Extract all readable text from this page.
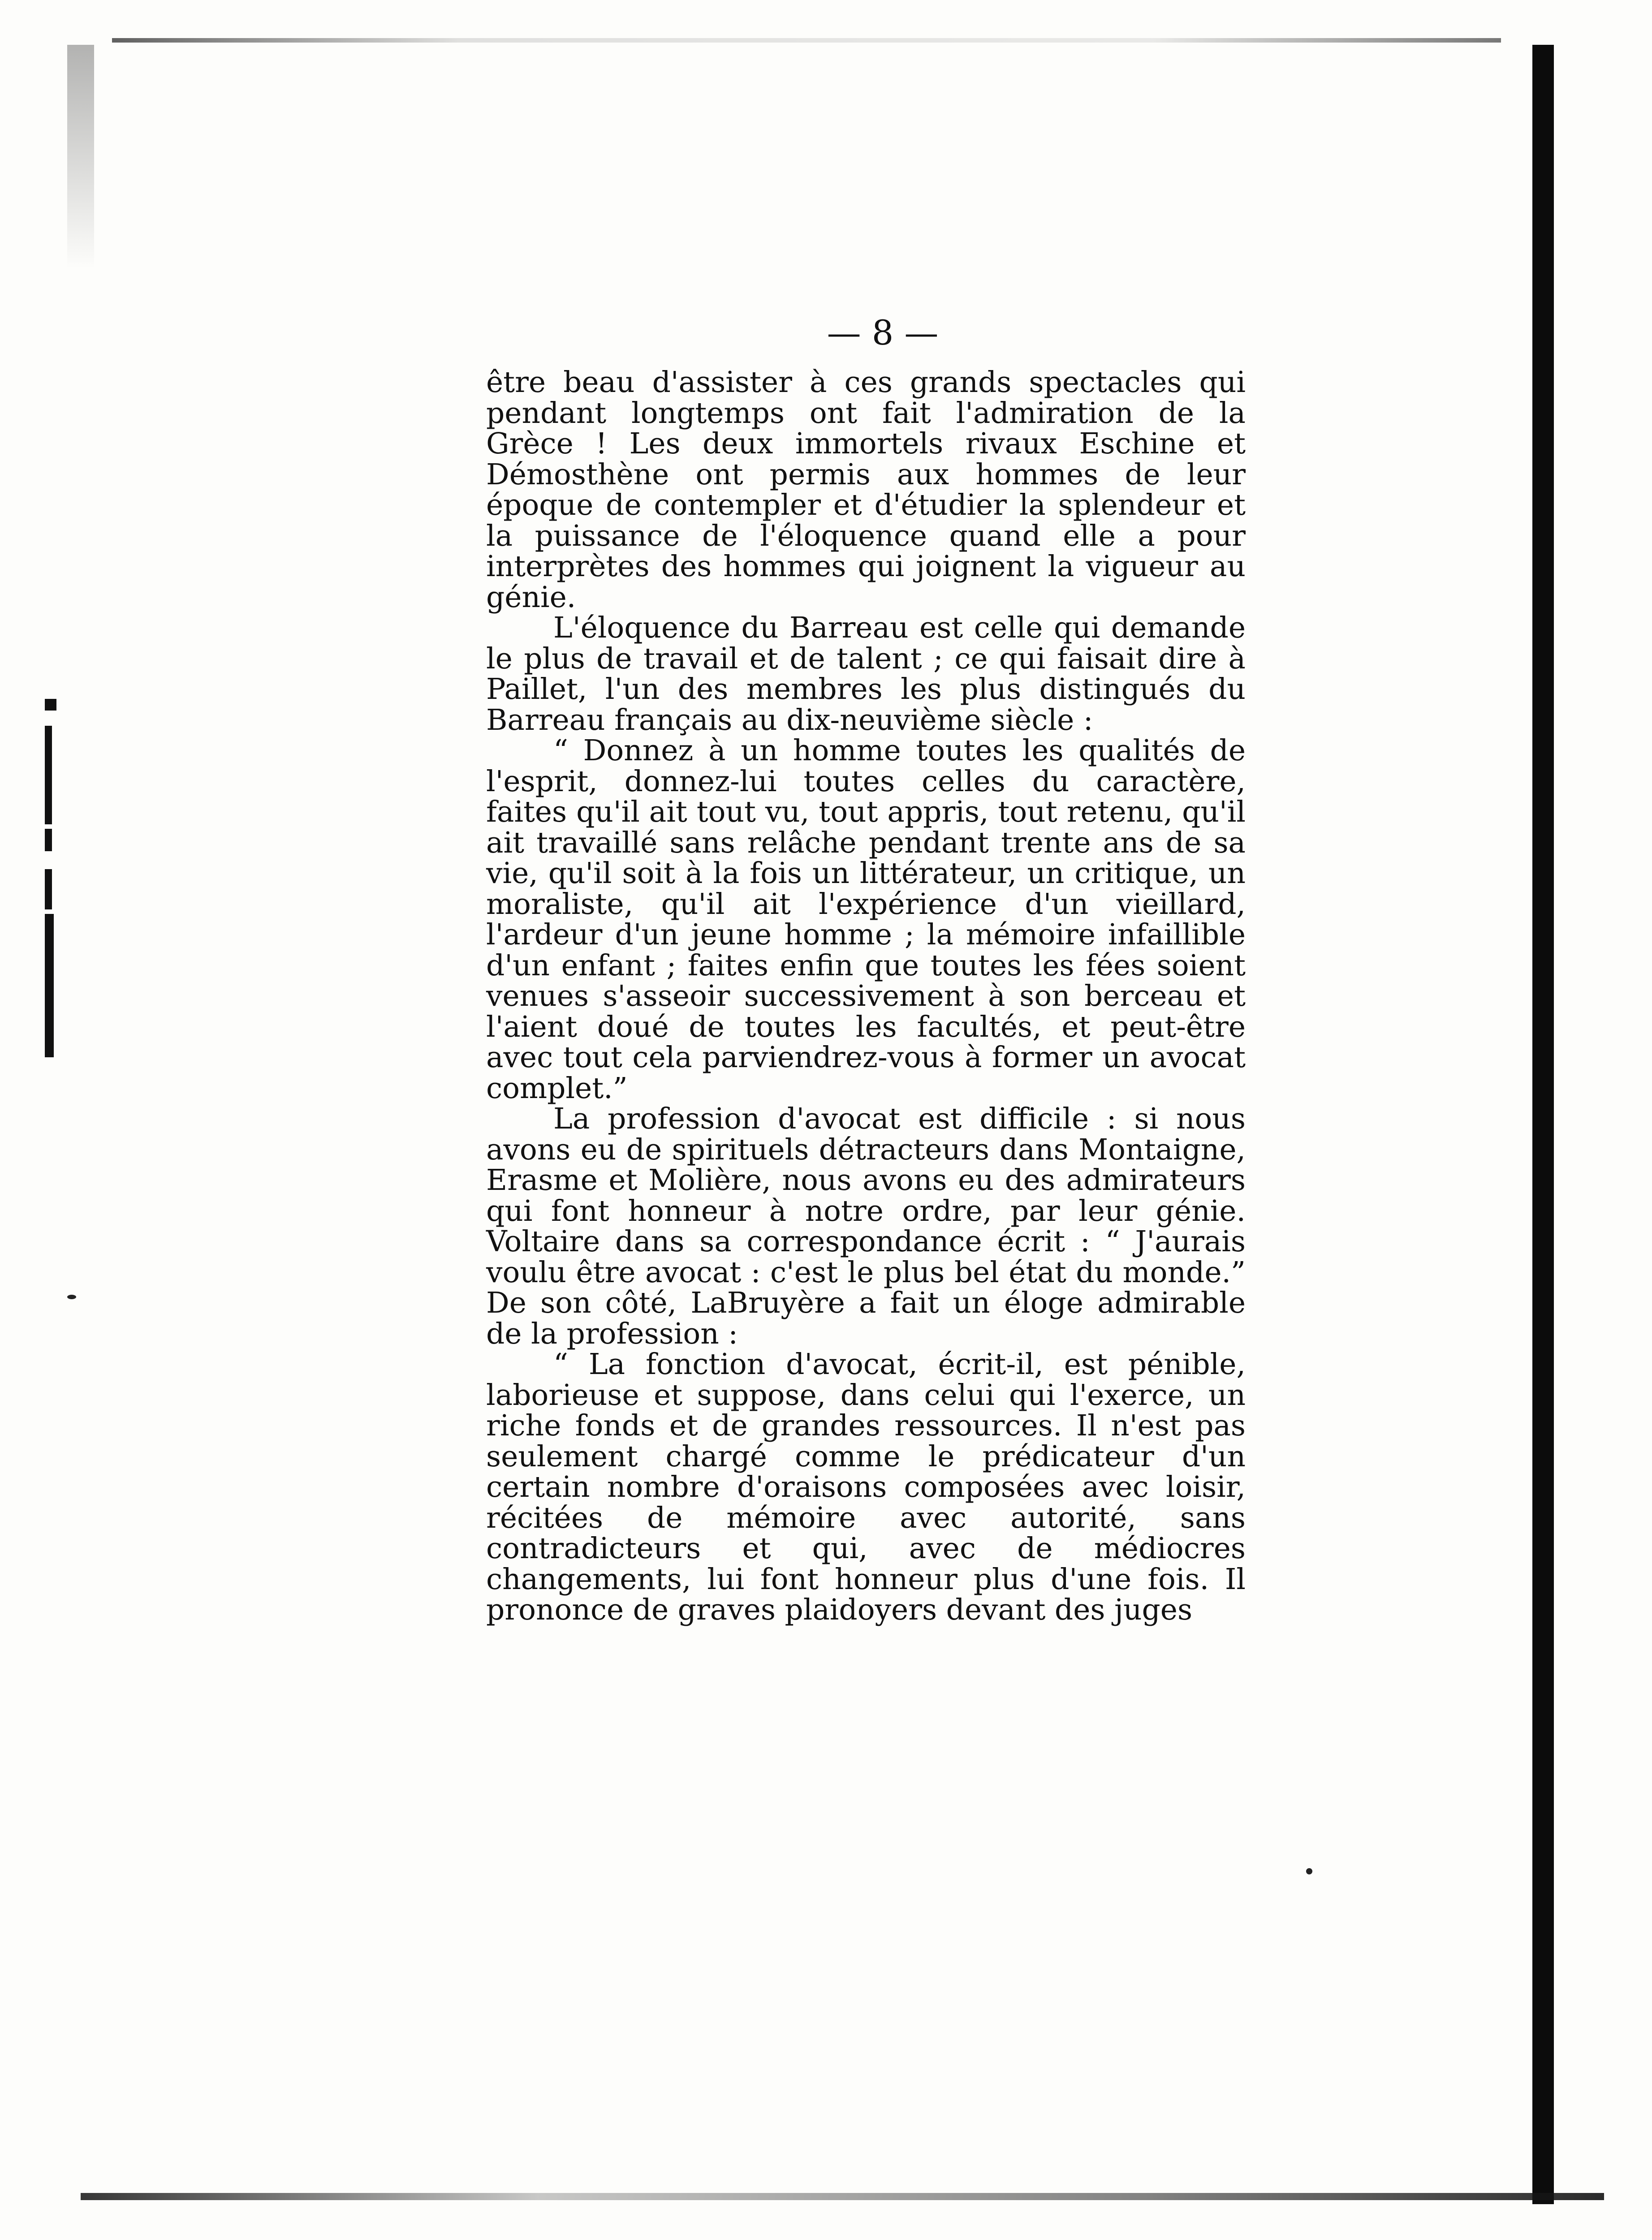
— 8 —

être beau d'assister à ces grands spectacles qui pendant longtemps ont fait l'admiration de la Grèce ! Les deux immortels rivaux Eschine et Démosthène ont permis aux hommes de leur époque de contempler et d'étudier la splendeur et la puissance de l'éloquence quand elle a pour interprètes des hommes qui joignent la vigueur au génie.

L'éloquence du Barreau est celle qui demande le plus de travail et de talent ; ce qui faisait dire à Paillet, l'un des membres les plus distingués du Barreau français au dix-neuvième siècle :

“ Donnez à un homme toutes les qualités de l'esprit, donnez-lui toutes celles du caractère, faites qu'il ait tout vu, tout appris, tout retenu, qu'il ait travaillé sans relâche pendant trente ans de sa vie, qu'il soit à la fois un littérateur, un critique, un moraliste, qu'il ait l'expérience d'un vieillard, l'ardeur d'un jeune homme ; la mémoire infaillible d'un enfant ; faites enfin que toutes les fées soient venues s'asseoir successivement à son berceau et l'aient doué de toutes les facultés, et peut-être avec tout cela parviendrez-vous à former un avocat complet.”

La profession d'avocat est difficile : si nous avons eu de spirituels détracteurs dans Montaigne, Erasme et Molière, nous avons eu des admirateurs qui font honneur à notre ordre, par leur génie. Voltaire dans sa correspondance écrit : “ J'aurais voulu être avocat : c'est le plus bel état du monde.” De son côté, LaBruyère a fait un éloge admirable de la profession :

“ La fonction d'avocat, écrit-il, est pénible, laborieuse et suppose, dans celui qui l'exerce, un riche fonds et de grandes ressources. Il n'est pas seulement chargé comme le prédicateur d'un certain nombre d'oraisons composées avec loisir, récitées de mémoire avec autorité, sans contradicteurs et qui, avec de médiocres changements, lui font honneur plus d'une fois. Il prononce de graves plaidoyers devant des juges
